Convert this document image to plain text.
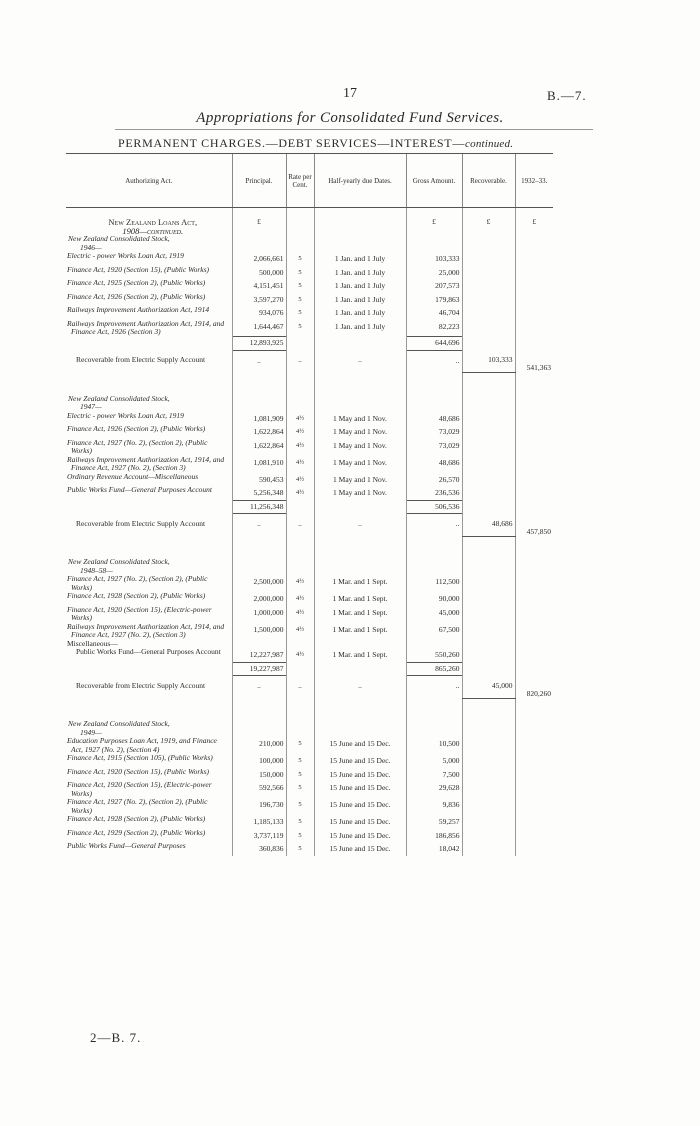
17	B.—7.
Appropriations for Consolidated Fund Services.
PERMANENT CHARGES.—DEBT SERVICES—INTEREST—continued.
Authorizing Act.	Principal.	Rate per Cent.	Half-yearly due Dates.	Gross Amount.	Recoverable.	1932–33.

New Zealand Loans Act,
1908—continued.	£			£	£	£
New Zealand Consolidated Stock,
1946—						

Electric - power Works Loan Act, 1919	2,066,661	5	1 Jan. and 1 July	103,333		
Finance Act, 1920 (Section 15), (Public Works)	500,000	5	1 Jan. and 1 July	25,000		
Finance Act, 1925 (Section 2), (Public Works)	4,151,451	5	1 Jan. and 1 July	207,573		
Finance Act, 1926 (Section 2), (Public Works)	3,597,270	5	1 Jan. and 1 July	179,863		
Railways Improvement Authorization Act, 1914	934,076	5	1 Jan. and 1 July	46,704		
Railways Improvement Authorization Act, 1914, and Finance Act, 1926 (Section 3)	1,644,467	5	1 Jan. and 1 July	82,223		
	12,893,925			644,696		
Recoverable from Electric Supply Account	..	..	..	..	103,333	541,363

New Zealand Consolidated Stock,
1947—						

Electric - power Works Loan Act, 1919	1,081,909	4½	1 May and 1 Nov.	48,686		
Finance Act, 1926 (Section 2), (Public Works)	1,622,864	4½	1 May and 1 Nov.	73,029		
Finance Act, 1927 (No. 2), (Section 2), (Public Works)	1,622,864	4½	1 May and 1 Nov.	73,029		
Railways Improvement Authorization Act, 1914, and Finance Act, 1927 (No. 2), (Section 3)	1,081,910	4½	1 May and 1 Nov.	48,686		
Ordinary Revenue Account—Miscellaneous	590,453	4½	1 May and 1 Nov.	26,570		
Public Works Fund—General Purposes Account	5,256,348	4½	1 May and 1 Nov.	236,536		
	11,256,348			506,536		
Recoverable from Electric Supply Account	..	..	..	..	48,686	457,850

New Zealand Consolidated Stock,
1948–58—						

Finance Act, 1927 (No. 2), (Section 2), (Public Works)	2,500,000	4½	1 Mar. and 1 Sept.	112,500		
Finance Act, 1928 (Section 2), (Public Works)	2,000,000	4½	1 Mar. and 1 Sept.	90,000		
Finance Act, 1920 (Section 15), (Electric-power Works)	1,000,000	4½	1 Mar. and 1 Sept.	45,000		
Railways Improvement Authorization Act, 1914, and Finance Act, 1927 (No. 2), (Section 3)	1,500,000	4½	1 Mar. and 1 Sept.	67,500		
Miscellaneous—						
Public Works Fund—General Purposes Account	12,227,987	4½	1 Mar. and 1 Sept.	550,260		
	19,227,987			865,260		
Recoverable from Electric Supply Account	..	..	..	..	45,000	820,260

New Zealand Consolidated Stock,
1949—						

Education Purposes Loan Act, 1919, and Finance Act, 1927 (No. 2), (Section 4)	210,000	5	15 June and 15 Dec.	10,500		
Finance Act, 1915 (Section 105), (Public Works)	100,000	5	15 June and 15 Dec.	5,000		
Finance Act, 1920 (Section 15), (Public Works)	150,000	5	15 June and 15 Dec.	7,500		
Finance Act, 1920 (Section 15), (Electric-power Works)	592,566	5	15 June and 15 Dec.	29,628		
Finance Act, 1927 (No. 2), (Section 2), (Public Works)	196,730	5	15 June and 15 Dec.	9,836		
Finance Act, 1928 (Section 2), (Public Works)	1,185,133	5	15 June and 15 Dec.	59,257		
Finance Act, 1929 (Section 2), (Public Works)	3,737,119	5	15 June and 15 Dec.	186,856		
Public Works Fund—General Purposes	360,836	5	15 June and 15 Dec.	18,042		
2—B. 7.
